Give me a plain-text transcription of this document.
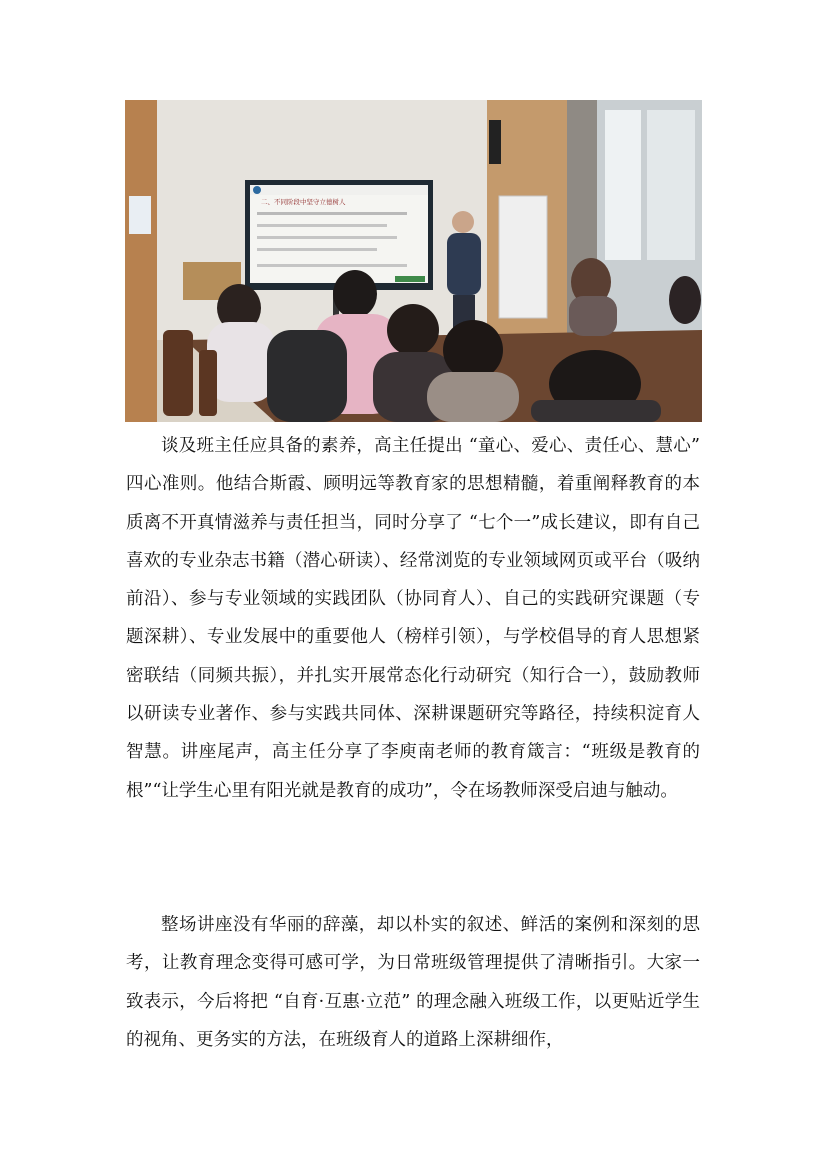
二、不同阶段中坚守立德树人

谈及班主任应具备的素养，高主任提出 “童心、爱心、责任心、慧心” 四心准则。他结合斯霞、顾明远等教育家的思想精髓，着重阐释教育的本质离不开真情滋养与责任担当，同时分享了 “七个一”成长建议，即有自己喜欢的专业杂志书籍（潜心研读）、经常浏览的专业领域网页或平台（吸纳前沿）、参与专业领域的实践团队（协同育人）、自己的实践研究课题（专题深耕）、专业发展中的重要他人（榜样引领），与学校倡导的育人思想紧密联结（同频共振），并扎实开展常态化行动研究（知行合一），鼓励教师以研读专业著作、参与实践共同体、深耕课题研究等路径，持续积淀育人智慧。讲座尾声，高主任分享了李庾南老师的教育箴言：“班级是教育的根”“让学生心里有阳光就是教育的成功”，令在场教师深受启迪与触动。

整场讲座没有华丽的辞藻，却以朴实的叙述、鲜活的案例和深刻的思考，让教育理念变得可感可学，为日常班级管理提供了清晰指引。大家一致表示，今后将把 “自育·互惠·立范” 的理念融入班级工作，以更贴近学生的视角、更务实的方法，在班级育人的道路上深耕细作，
